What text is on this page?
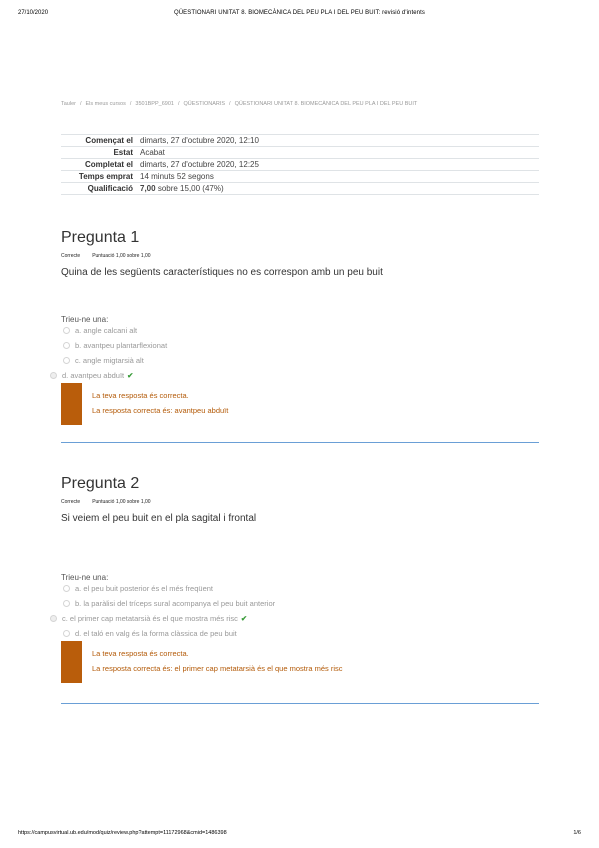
27/10/2020	QÜESTIONARI UNITAT 8. BIOMECÀNICA DEL PEU PLA I DEL PEU BUIT: revisió d'intents
Tauler / Els meus cursos / 3501BPP_6901 / QÜESTIONARIS / QÜESTIONARI UNITAT 8. BIOMECÀNICA DEL PEU PLA I DEL PEU BUIT
Començat el	dimarts, 27 d'octubre 2020, 12:10
Estat	Acabat
Completat el	dimarts, 27 d'octubre 2020, 12:25
Temps emprat	14 minuts 52 segons
Qualificació	7,00 sobre 15,00 (47%)
Pregunta 1
Correcte Puntuació 1,00 sobre 1,00
Quina de les següents característiques no es correspon amb un peu buit
Trieu-ne una:
a. angle calcani alt
b. avantpeu plantarflexionat
c. angle migtarsià alt
d. avantpeu abduït ✔
La teva resposta és correcta.
La resposta correcta és: avantpeu abduït
Pregunta 2
Correcte Puntuació 1,00 sobre 1,00
Si veiem el peu buit en el pla sagital i frontal
Trieu-ne una:
a. el peu buit posterior és el més freqüent
b. la paràlisi del tríceps sural acompanya el peu buit anterior
c. el primer cap metatarsià és el que mostra més risc ✔
d. el taló en valg és la forma clàssica de peu buit
La teva resposta és correcta.
La resposta correcta és: el primer cap metatarsià és el que mostra més risc
https://campusvirtual.ub.edu/mod/quiz/review.php?attempt=11172968&cmid=1486398	1/6
